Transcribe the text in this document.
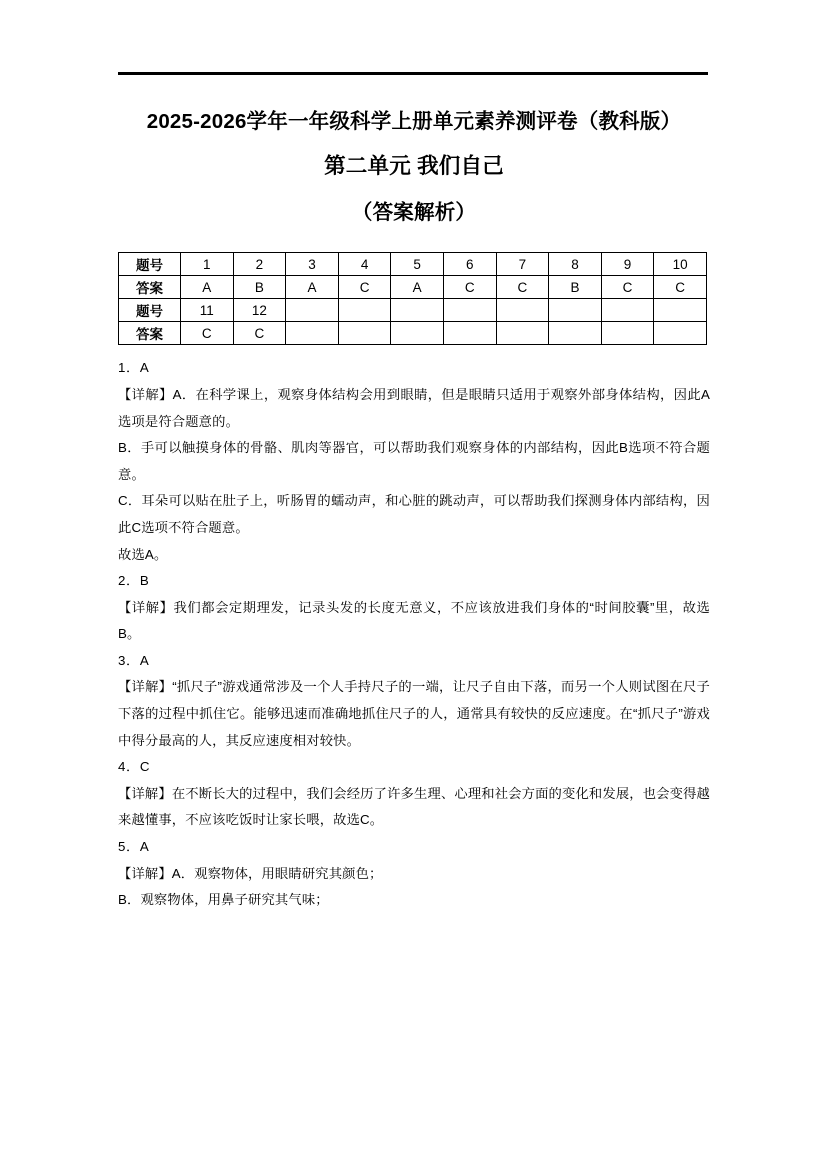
2025-2026学年一年级科学上册单元素养测评卷（教科版）
第二单元 我们自己
（答案解析）
题号	1	2	3	4	5	6	7	8	9	10
答案	A	B	A	C	A	C	C	B	C	C
题号	11	12								
答案	C	C								

1．A

【详解】A．在科学课上，观察身体结构会用到眼睛，但是眼睛只适用于观察外部身体结构，因此A选项是符合题意的。

B．手可以触摸身体的骨骼、肌肉等器官，可以帮助我们观察身体的内部结构，因此B选项不符合题意。

C．耳朵可以贴在肚子上，听肠胃的蠕动声，和心脏的跳动声，可以帮助我们探测身体内部结构，因此C选项不符合题意。

故选A。

2．B

【详解】我们都会定期理发，记录头发的长度无意义，不应该放进我们身体的“时间胶囊”里，故选B。

3．A

【详解】“抓尺子”游戏通常涉及一个人手持尺子的一端，让尺子自由下落，而另一个人则试图在尺子下落的过程中抓住它。能够迅速而准确地抓住尺子的人，通常具有较快的反应速度。在“抓尺子”游戏中得分最高的人，其反应速度相对较快。

4．C

【详解】在不断长大的过程中，我们会经历了许多生理、心理和社会方面的变化和发展，也会变得越来越懂事，不应该吃饭时让家长喂，故选C。

5．A

【详解】A．观察物体，用眼睛研究其颜色；

B．观察物体，用鼻子研究其气味；
